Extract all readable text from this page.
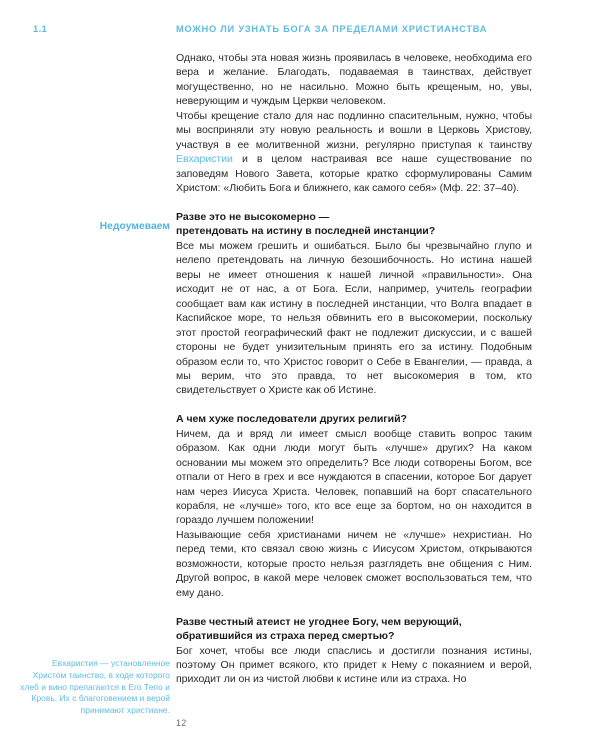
1.1	МОЖНО ЛИ УЗНАТЬ БОГА ЗА ПРЕДЕЛАМИ ХРИСТИАНСТВА
Недоумеваем
Евхаристия — установленное Христом таинство, в ходе которого хлеб и вино прелагаются в Его Тело и Кровь. Их с благоговением и верой принимают христиане.

Однако, чтобы эта новая жизнь проявилась в человеке, необходима его вера и желание. Благодать, подаваемая в таинствах, действует могущественно, но не насильно. Можно быть крещеным, но, увы, неверующим и чуждым Церкви человеком.

Чтобы крещение стало для нас подлинно спасительным, нужно, чтобы мы восприняли эту новую реальность и вошли в Церковь Христову, участвуя в ее молитвенной жизни, регулярно приступая к таинству Евхаристии и в целом настраивая все наше существование по заповедям Нового Завета, которые кратко сформулированы Самим Христом: «Любить Бога и ближнего, как самого себя» (Мф. 22: 37–40).

Разве это не высокомерно —

претендовать на истину в последней инстанции?

Все мы можем грешить и ошибаться. Было бы чрезвычайно глупо и нелепо претендовать на личную безошибочность. Но истина нашей веры не имеет отношения к нашей личной «правильности». Она исходит не от нас, а от Бога. Если, например, учитель географии сообщает вам как истину в последней инстанции, что Волга впадает в Каспийское море, то нельзя обвинить его в высокомерии, поскольку этот простой географический факт не подлежит дискуссии, и с вашей стороны не будет унизительным принять его за истину. Подобным образом если то, что Христос говорит о Себе в Евангелии, — правда, а мы верим, что это правда, то нет высокомерия в том, кто свидетельствует о Христе как об Истине.

А чем хуже последователи других религий?

Ничем, да и вряд ли имеет смысл вообще ставить вопрос таким образом. Как одни люди могут быть «лучше» других? На каком основании мы можем это определить? Все люди сотворены Богом, все отпали от Него в грех и все нуждаются в спасении, которое Бог дарует нам через Иисуса Христа. Человек, попавший на борт спасательного корабля, не «лучше» того, кто все еще за бортом, но он находится в гораздо лучшем положении!

Называющие себя христианами ничем не «лучше» нехристиан. Но перед теми, кто связал свою жизнь с Иисусом Христом, открываются возможности, которые просто нельзя разглядеть вне общения с Ним. Другой вопрос, в какой мере человек сможет воспользоваться тем, что ему дано.

Разве честный атеист не угоднее Богу, чем верующий,

обратившийся из страха перед смертью?

Бог хочет, чтобы все люди спаслись и достигли познания истины, поэтому Он примет всякого, кто придет к Нему с покаянием и верой, приходит ли он из чистой любви к истине или из страха. Но

12
